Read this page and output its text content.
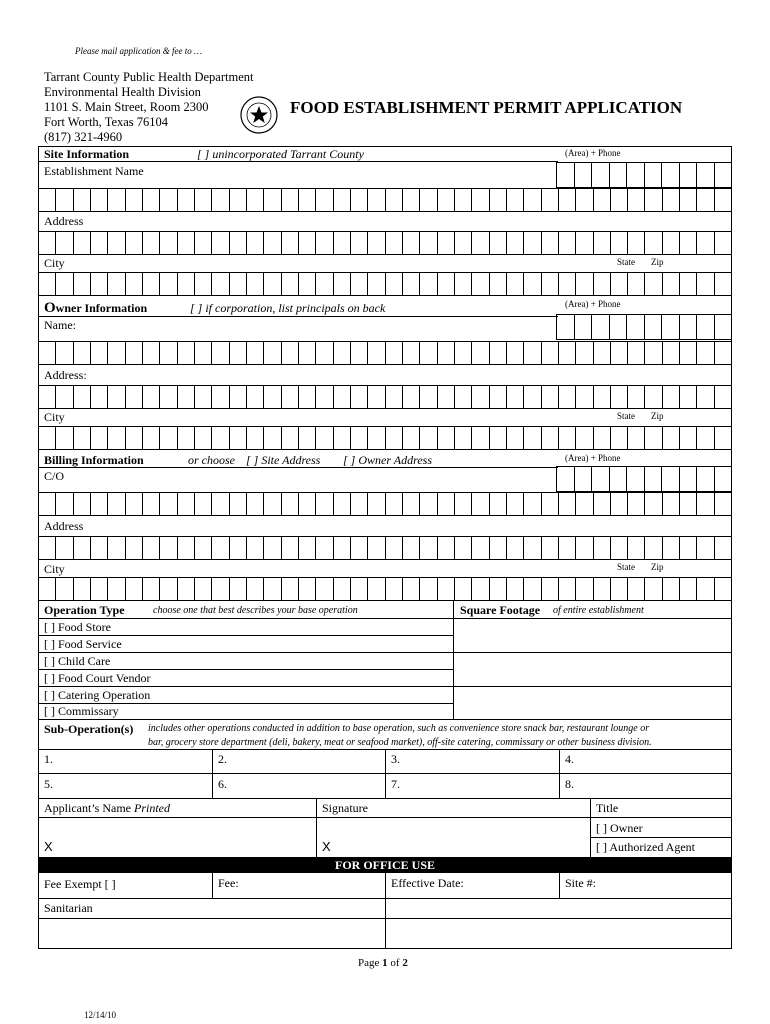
Please mail application & fee to …
Tarrant County Public Health Department
Environmental Health Division
1101 S. Main Street, Room 2300
Fort Worth, Texas 76104
(817) 321-4960
FOOD ESTABLISHMENT PERMIT APPLICATION
Site Information	[ ] unincorporated Tarrant County	(Area) + Phone
Establishment Name
Address
City	State Zip
Owner Information	[ ] if corporation, list principals on back	(Area) + Phone
Name:
Address:
City	State Zip
Billing Information	or choose [ ] Site Address [ ] Owner Address	(Area) + Phone
C/O
Address
City	State Zip
Operation Type	choose one that best describes your base operation	Square Footage of entire establishment
[ ] Food Store
[ ] Food Service
[ ] Child Care
[ ] Food Court Vendor
[ ] Catering Operation
[ ] Commissary
Sub-Operation(s) includes other operations conducted in addition to base operation, such as convenience store snack bar, restaurant lounge or
bar, grocery store department (deli, bakery, meat or seafood market), off-site catering, commissary or other business division.
1.	2.	3.	4.
5.	6.	7.	8.
Applicant’s Name Printed	Signature	Title
[ ] Owner
[ ] Authorized Agent
X	X
FOR OFFICE USE
Fee Exempt [ ]	Fee:	Effective Date:	Site #:
Sanitarian
Page 1 of 2
12/14/10
